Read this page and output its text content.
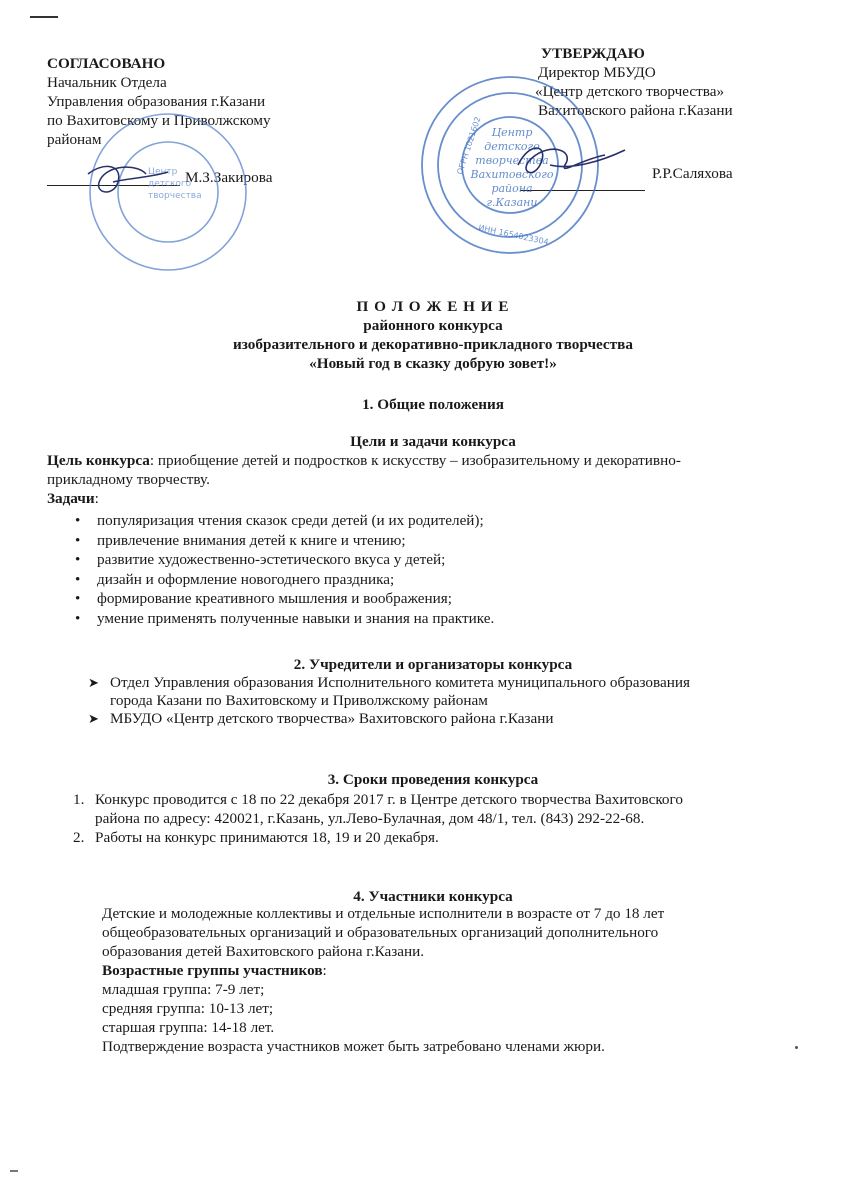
СОГЛАСОВАНО

Начальник Отдела

Управления образования г.Казани

по Вахитовскому и Приволжскому

районам

М.З.Закирова

УТВЕРЖДАЮ

Директор МБУДО

«Центр детского творчества»

Вахитовского района г.Казани

Р.Р.Саляхова

Центр
детского
творчества
Центр
детского
творчества
Вахитовского
района
г.Казани
ОГРН 1021602
ИНН 1654023304

П О Л О Ж Е Н И Е

районного конкурса

изобразительного и декоративно-прикладного творчества

«Новый год в сказку добрую зовет!»

1. Общие положения

Цели и задачи конкурса

Цель конкурса: приобщение детей и подростков к искусству – изобразительному и декоративно-

прикладному творчеству.

Задачи:

• популяризация чтения сказок среди детей (и их родителей);
• привлечение внимания детей к книге и чтению;
• развитие художественно-эстетического вкуса у детей;
• дизайн и оформление новогоднего праздника;
• формирование креативного мышления и воображения;
• умение применять полученные навыки и знания на практике.

2. Учредители и организаторы конкурса

➤ Отдел Управления образования Исполнительного комитета муниципального образования
города Казани по Вахитовскому и Приволжскому районам
➤ МБУДО «Центр детского творчества» Вахитовского района г.Казани

3. Сроки проведения конкурса

1. Конкурс проводится с 18 по 22 декабря 2017 г. в Центре детского творчества Вахитовского
района по адресу: 420021, г.Казань, ул.Лево-Булачная, дом 48/1, тел. (843) 292-22-68.
2. Работы на конкурс принимаются 18, 19 и 20 декабря.

4. Участники конкурса

Детские и молодежные коллективы и отдельные исполнители в возрасте от 7 до 18 лет

общеобразовательных организаций и образовательных организаций дополнительного

образования детей Вахитовского района г.Казани.

Возрастные группы участников:

младшая группа: 7-9 лет;

средняя группа: 10-13 лет;

старшая группа: 14-18 лет.

Подтверждение возраста участников может быть затребовано членами жюри.
